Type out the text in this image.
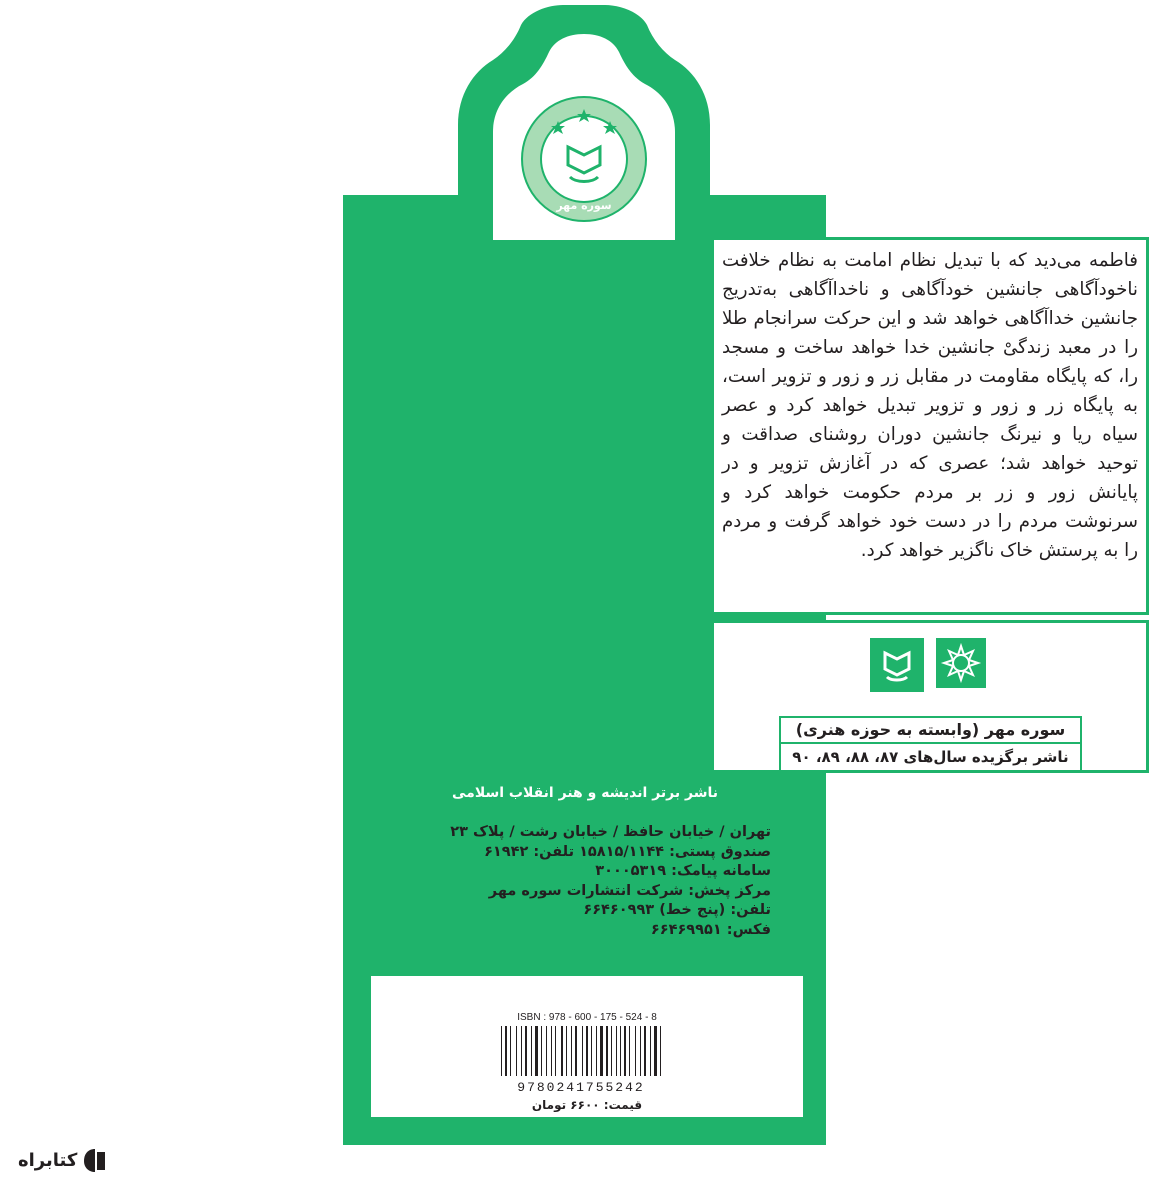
سوره مهر

فاطمه می‌دید که با تبدیل نظام امامت به نظام خلافت ناخودآگاهی جانشین خودآگاهی و ناخدا‌آگاهی به‌تدریج جانشین خداآگاهی خواهد شد و این حرکت سرانجام طلا را در معبد زندگیْ جانشین خدا خواهد ساخت و مسجد را، که پایگاه مقاومت در مقابل زر و زور و تزویر است، به پایگاه زر و زور و تزویر تبدیل خواهد کرد و عصر سیاه ریا و نیرنگ جانشین دوران روشنای صداقت و توحید خواهد شد؛ عصری که در آغازش تزویر و در پایانش زور و زر بر مردم حکومت خواهد کرد و سرنوشت مردم را در دست خود خواهد گرفت و مردم را به پرستش خاک ناگزیر خواهد کرد.

سوره مهر (وابسته به حوزه هنری)
ناشر برگزیده سال‌های ۸۷، ۸۸، ۸۹، ۹۰
ناشر برتر اندیشه و هنر انقلاب اسلامی
تهران / خیابان حافظ / خیابان رشت / پلاک ۲۳
صندوق پستی: ۱۵۸۱۵/۱۱۴۴ تلفن: ۶۱۹۴۲
سامانه پیامک: ۳۰۰۰۵۳۱۹
مرکز پخش: شرکت انتشارات سوره مهر
تلفن: (پنج خط) ۶۶۴۶۰۹۹۳
فکس: ۶۶۴۶۹۹۵۱
ISBN : 978 - 600 - 175 - 524 - 8
9780241755242
قیمت: ۶۶۰۰ تومان
کتابراه
